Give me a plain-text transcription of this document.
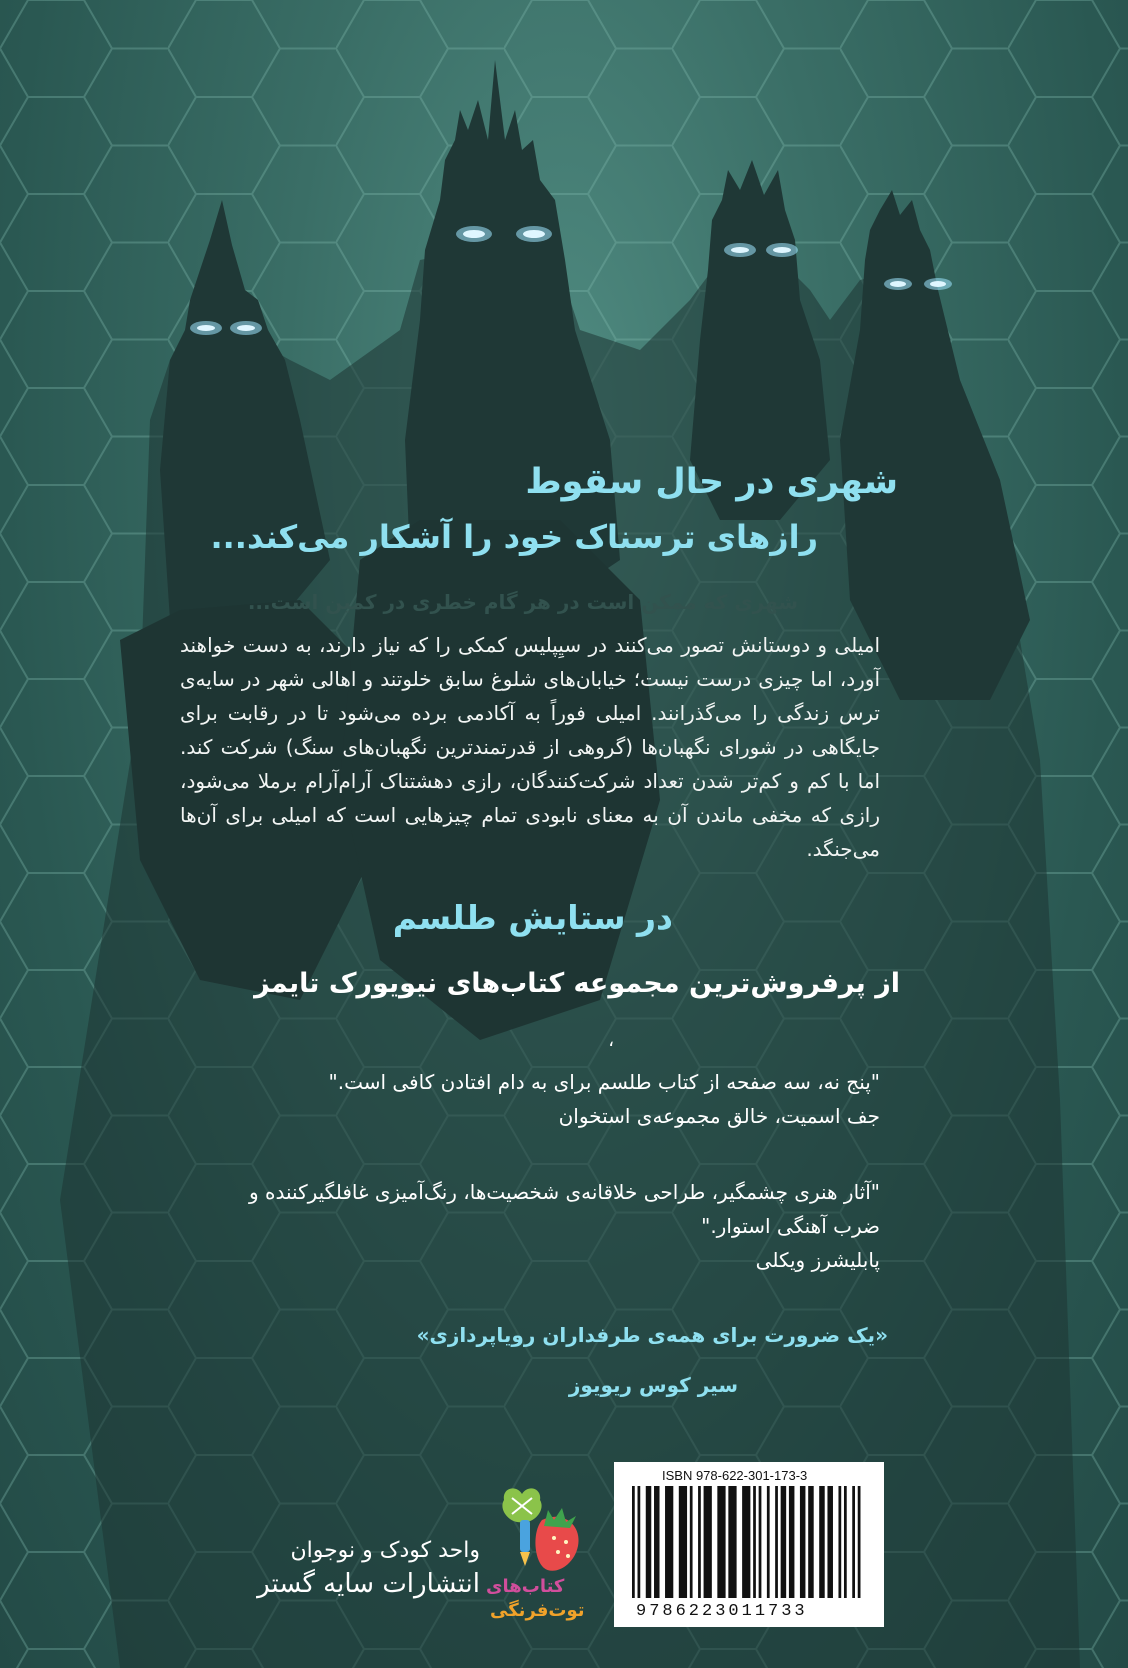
شهری در حال سقوط
رازهای ترسناک خود را آشکار می‌کند...

شهری که ممکن است در هر گام خطری در کمین است...

امیلی و دوستانش تصور می‌کنند در سیِپلیس کمکی را که نیاز دارند، به دست خواهند آورد، اما چیزی درست نیست؛ خیابان‌های شلوغ سابق خلوتند و اهالی شهر در سایه‌ی ترس زندگی را می‌گذرانند. امیلی فوراً به آکادمی برده می‌شود تا در رقابت برای جایگاهی در شورای نگهبان‌ها (گروهی از قدرتمندترین نگهبان‌های سنگ) شرکت کند. اما با کم و کم‌تر شدن تعداد شرکت‌کنندگان، رازی دهشتناک آرام‌آرام برملا می‌شود، رازی که مخفی ماندن آن به معنای نابودی تمام چیزهایی است که امیلی برای آن‌ها می‌جنگد.

در ستایش طلسم

از پرفروش‌ترین مجموعه کتاب‌های نیویورک تایمز

،

"پنج نه، سه صفحه از کتاب طلسم برای به دام افتادن کافی است."
جف اسمیت، خالق مجموعه‌ی استخوان
"آثار هنری چشمگیر، طراحی خلاقانه‌ی شخصیت‌ها، رنگ‌آمیزی غافلگیرکننده و ضرب آهنگی استوار."
پابلیشرز ویکلی
«یک ضرورت برای همه‌ی طرفداران رویاپردازی»
سیر کوس ریویوز

ISBN 978-622-301-173-3

9786223011733

کتاب‌های

توت‌فرنگی

واحد کودک و نوجوان
انتشارات سایه گستر
